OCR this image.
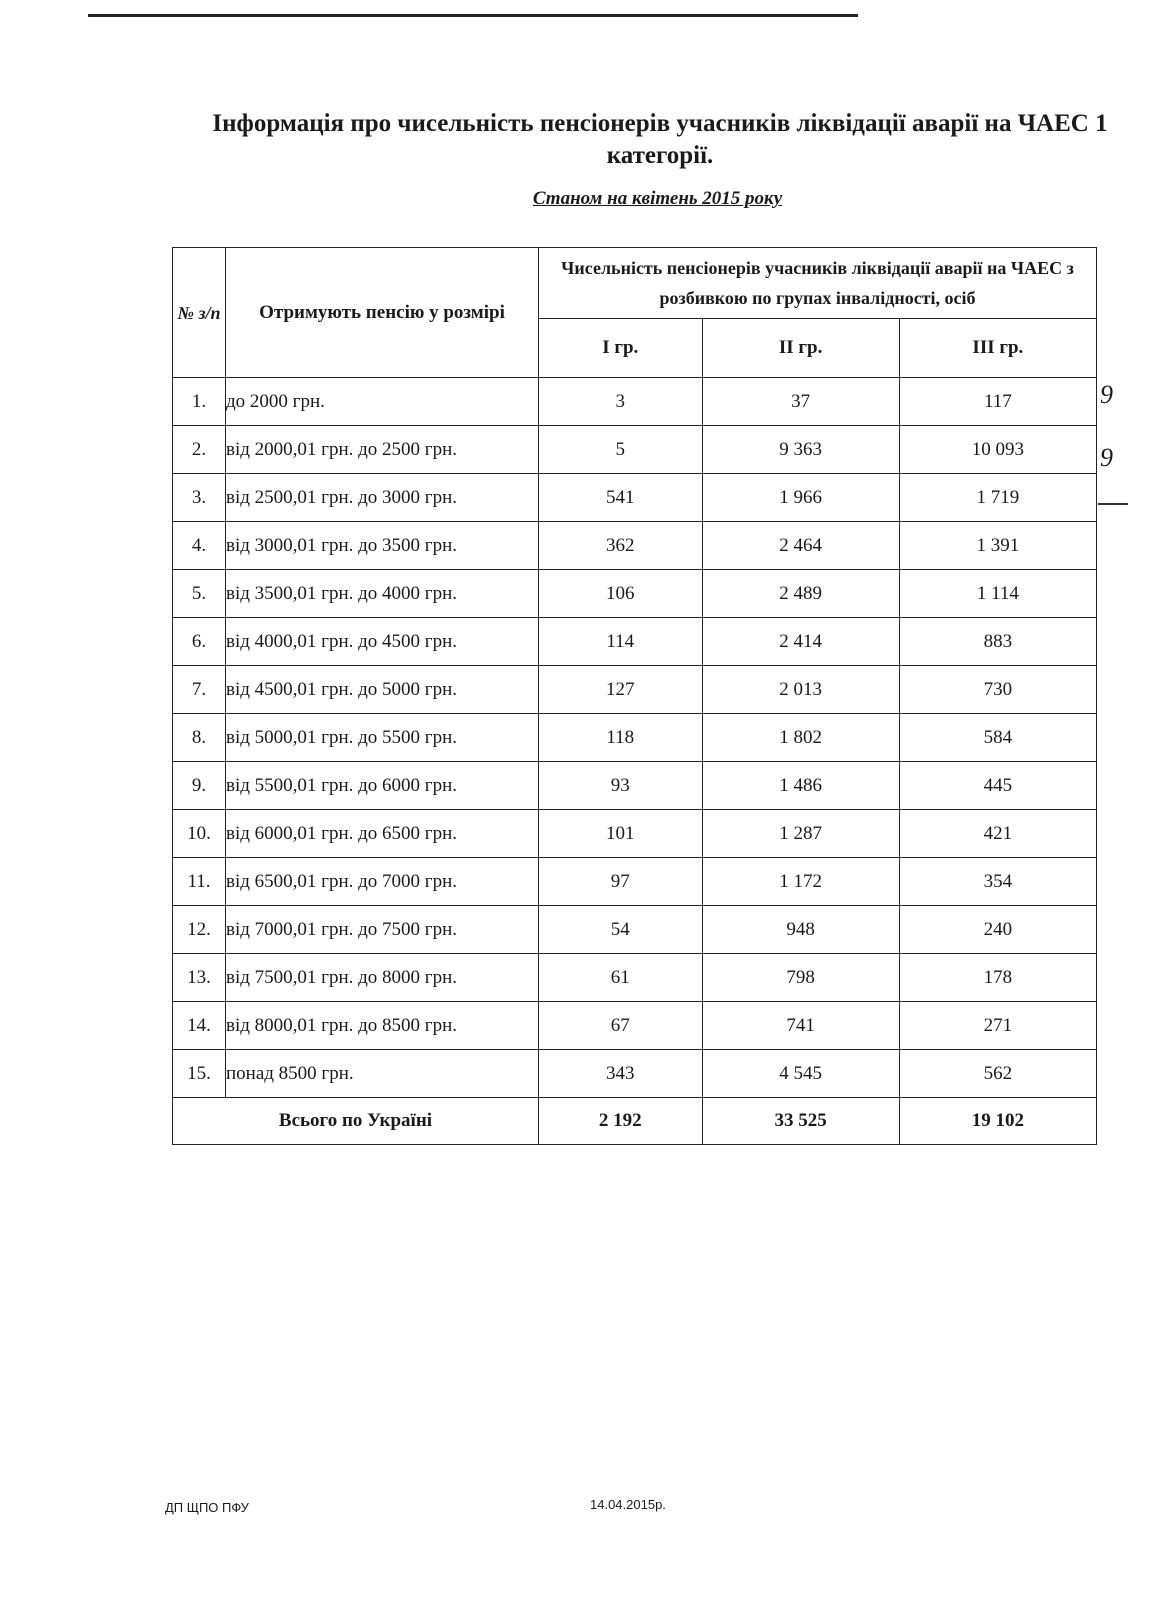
Інформація про чисельність пенсіонерів учасників ліквідації аварії на ЧАЕС 1 категорії.
Станом на квітень 2015 року
№ з/п	Отримують пенсію у розмірі	Чисельність пенсіонерів учасників ліквідації аварії на ЧАЕС з розбивкою по групах інвалідності, осіб		
		І гр.	ІІ гр.	ІІІ гр.
1.	до 2000 грн.	3	37	117
2.	від 2000,01 грн. до 2500 грн.	5	9 363	10 093
3.	від 2500,01 грн. до 3000 грн.	541	1 966	1 719
4.	від 3000,01 грн. до 3500 грн.	362	2 464	1 391
5.	від 3500,01 грн. до 4000 грн.	106	2 489	1 114
6.	від 4000,01 грн. до 4500 грн.	114	2 414	883
7.	від 4500,01 грн. до 5000 грн.	127	2 013	730
8.	від 5000,01 грн. до 5500 грн.	118	1 802	584
9.	від 5500,01 грн. до 6000 грн.	93	1 486	445
10.	від 6000,01 грн. до 6500 грн.	101	1 287	421
11.	від 6500,01 грн. до 7000 грн.	97	1 172	354
12.	від 7000,01 грн. до 7500 грн.	54	948	240
13.	від 7500,01 грн. до 8000 грн.	61	798	178
14.	від 8000,01 грн. до 8500 грн.	67	741	271
15.	понад 8500 грн.	343	4 545	562
Всього по Україні		2 192	33 525	19 102
9
9
ДП ЩПО ПФУ	14.04.2015р.
